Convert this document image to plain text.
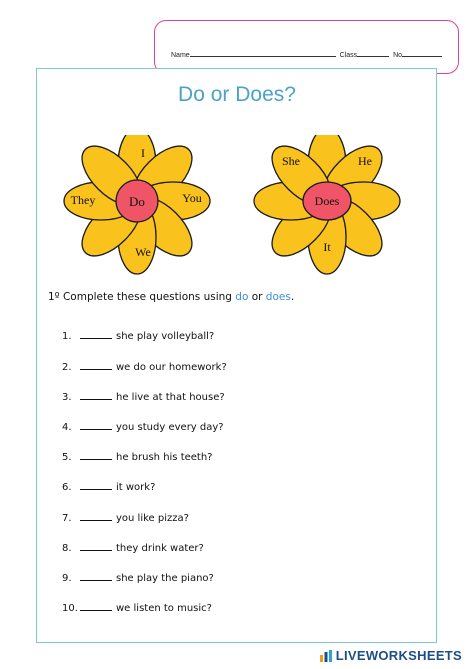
Name	Class	No
Do or Does?
Do
I
You
We
They	Does
She	He
It
1º Complete these questions using do or does.
1.	she play volleyball?
2.	we do our homework?
3.	he live at that house?
4.	you study every day?
5.	he brush his teeth?
6.	it work?
7.	you like pizza?
8.	they drink water?
9.	she play the piano?
10.	we listen to music?
LIVEWORKSHEETS
